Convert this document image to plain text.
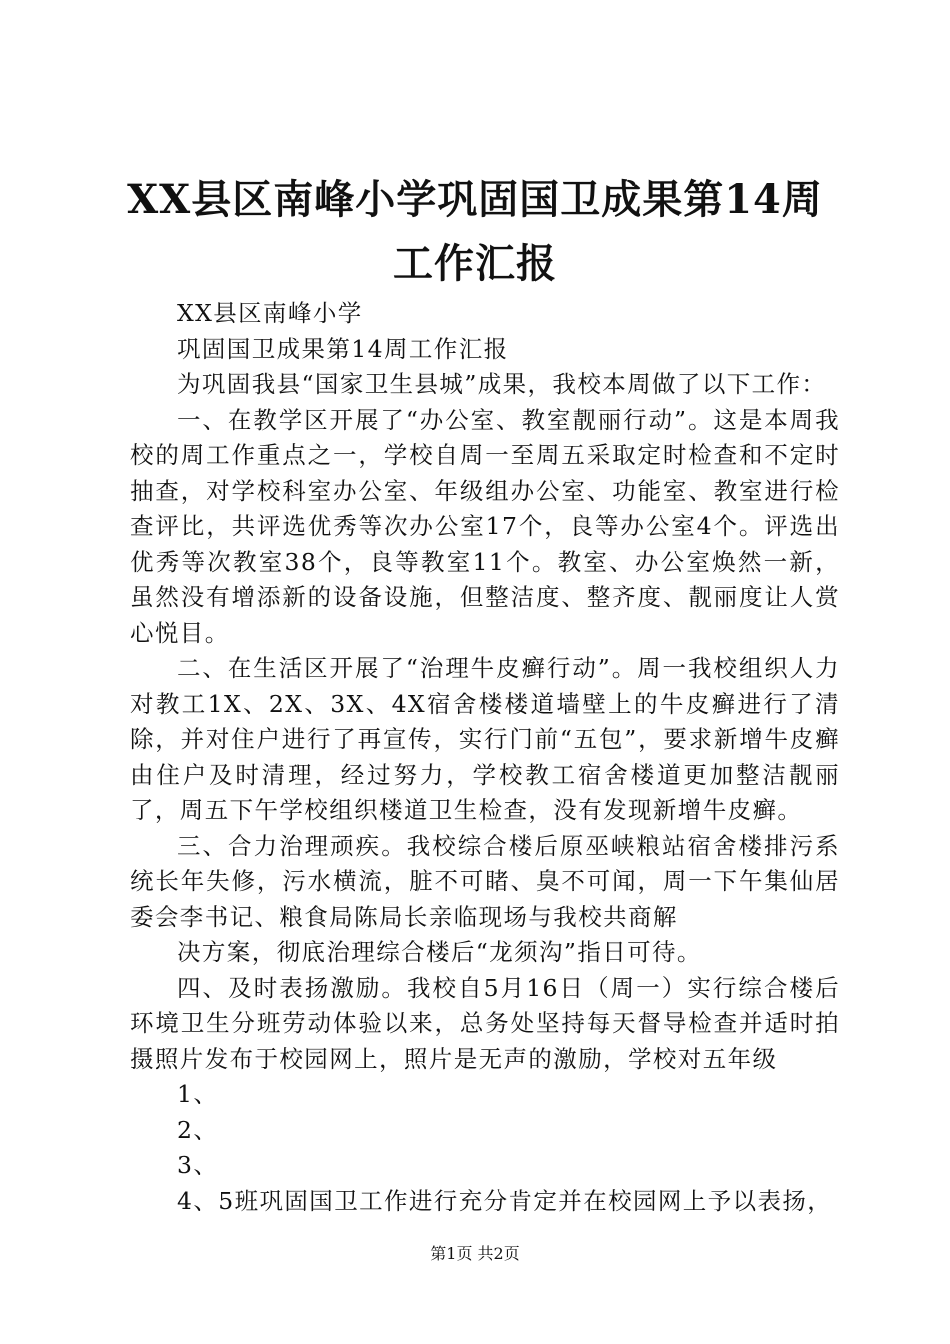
XX县区南峰小学巩固国卫成果第14周工作汇报

XX县区南峰小学

巩固国卫成果第14周工作汇报

为巩固我县“国家卫生县城”成果，我校本周做了以下工作：

一、在教学区开展了“办公室、教室靓丽行动”。这是本周我校的周工作重点之一，学校自周一至周五采取定时检查和不定时抽查，对学校科室办公室、年级组办公室、功能室、教室进行检查评比，共评选优秀等次办公室17个，良等办公室4个。评选出优秀等次教室38个，良等教室11个。教室、办公室焕然一新，虽然没有增添新的设备设施，但整洁度、整齐度、靓丽度让人赏心悦目。

二、在生活区开展了“治理牛皮癣行动”。周一我校组织人力对教工1X、2X、3X、4X宿舍楼楼道墙壁上的牛皮癣进行了清除，并对住户进行了再宣传，实行门前“五包”，要求新增牛皮癣由住户及时清理，经过努力，学校教工宿舍楼道更加整洁靓丽了，周五下午学校组织楼道卫生检查，没有发现新增牛皮癣。

三、合力治理顽疾。我校综合楼后原巫峡粮站宿舍楼排污系统长年失修，污水横流，脏不可睹、臭不可闻，周一下午集仙居委会李书记、粮食局陈局长亲临现场与我校共商解

决方案，彻底治理综合楼后“龙须沟”指日可待。

四、及时表扬激励。我校自5月16日（周一）实行综合楼后环境卫生分班劳动体验以来，总务处坚持每天督导检查并适时拍摄照片发布于校园网上，照片是无声的激励，学校对五年级

1、

2、

3、

4、5班巩固国卫工作进行充分肯定并在校园网上予以表扬，

第1页 共2页
